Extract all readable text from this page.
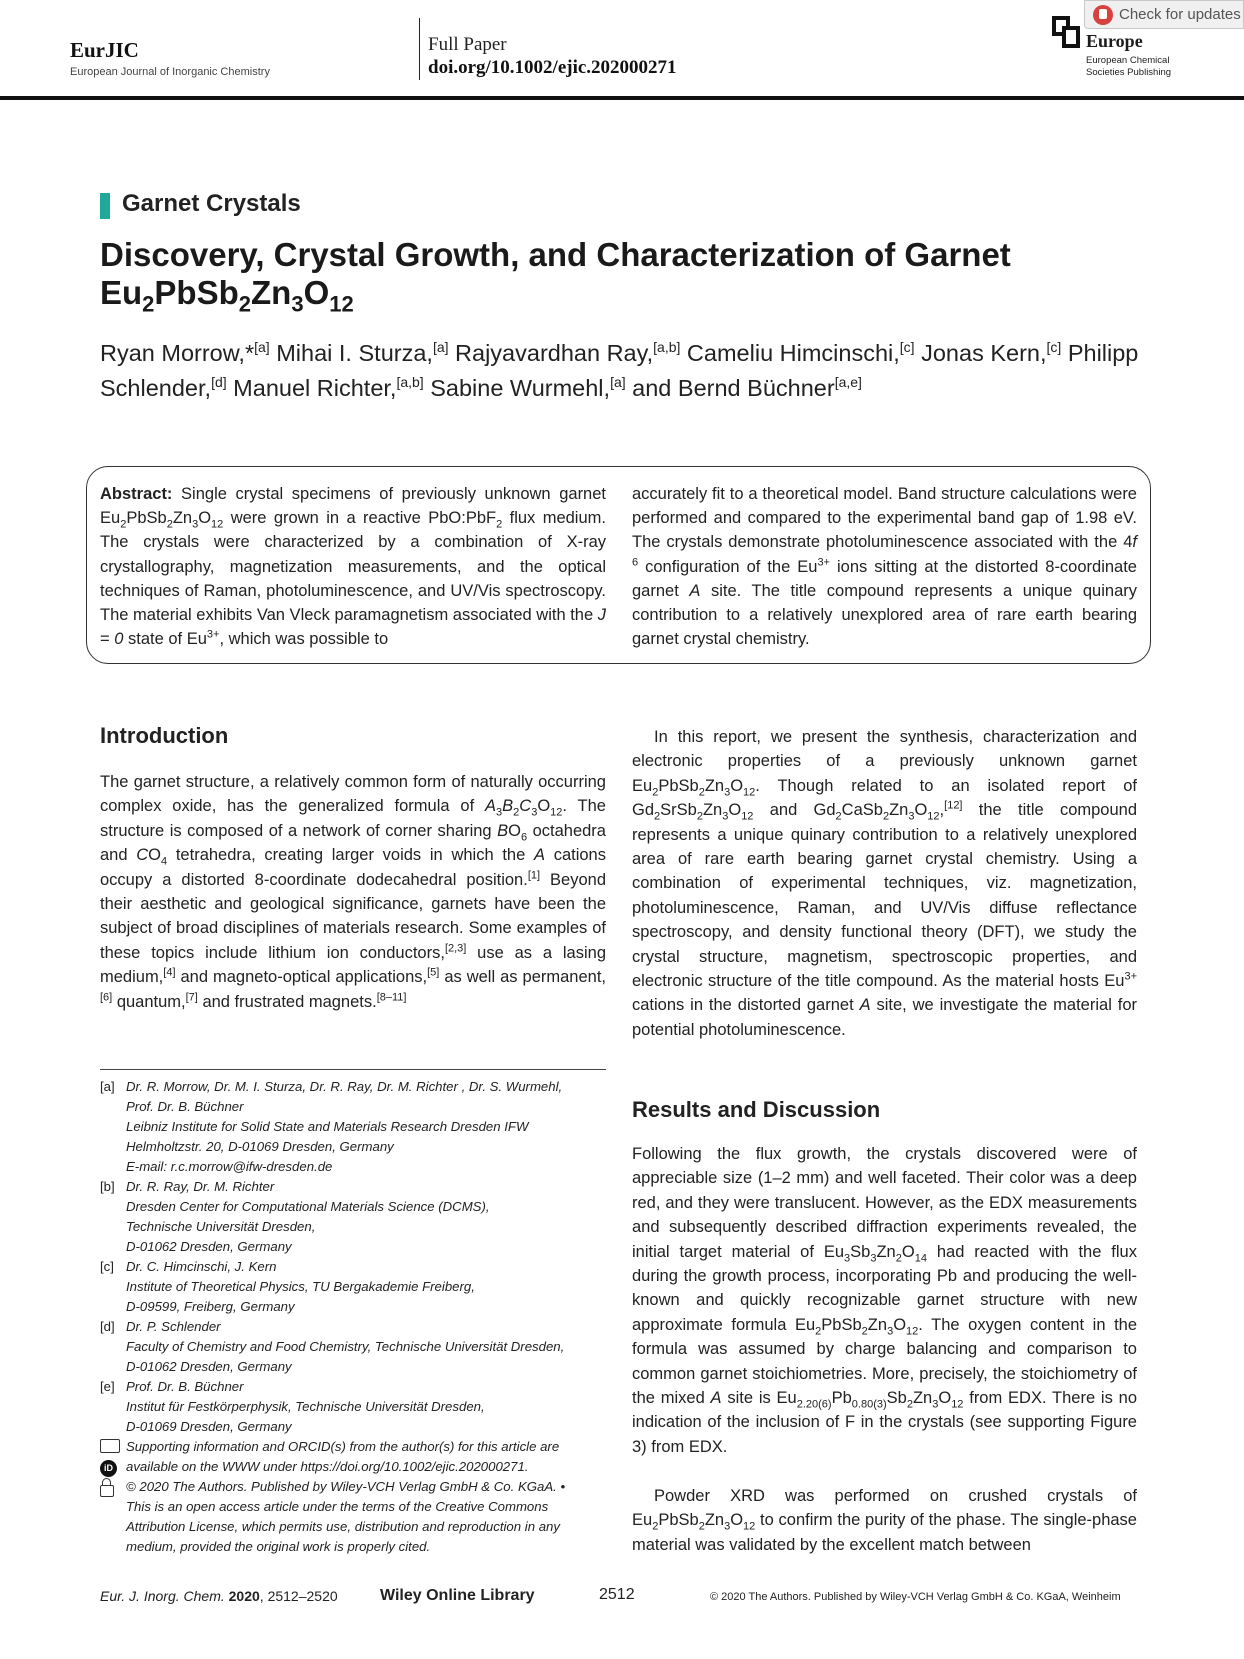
EurJIC
European Journal of Inorganic Chemistry
Full Paper
doi.org/10.1002/ejic.202000271
Europe
European Chemical Societies Publishing
Check for updates
Garnet Crystals
Discovery, Crystal Growth, and Characterization of Garnet
$Eu_2PbSb_2Zn_3O_{12}$
Ryan Morrow,*[a] Mihai I. Sturza,[a] Rajyavardhan Ray,[a,b] Cameliu Himcinschi,[c] Jonas Kern,[c] Philipp Schlender,[d] Manuel Richter,[a,b] Sabine Wurmehl,[a] and Bernd Büchner[a,e]
Abstract: Single crystal specimens of previously unknown garnet $Eu_2PbSb_2Zn_3O_{12}$ were grown in a reactive PbO:PbF$_2$ flux medium. The crystals were characterized by a combination of X-ray crystallography, magnetization measurements, and the optical techniques of Raman, photoluminescence, and UV/Vis spectroscopy. The material exhibits Van Vleck paramagnetism associated with the J = 0 state of $Eu^{3+}$, which was possible to
accurately fit to a theoretical model. Band structure calculations were performed and compared to the experimental band gap of 1.98 eV. The crystals demonstrate photoluminescence associated with the 4f $^6$ configuration of the $Eu^{3+}$ ions sitting at the distorted 8-coordinate garnet A site. The title compound represents a unique quinary contribution to a relatively unexplored area of rare earth bearing garnet crystal chemistry.
Introduction
The garnet structure, a relatively common form of naturally occurring complex oxide, has the generalized formula of $A_3B_2C_3O_{12}$. The structure is composed of a network of corner sharing $BO_6$ octahedra and $CO_4$ tetrahedra, creating larger voids in which the A cations occupy a distorted 8-coordinate dodecahedral position.[1] Beyond their aesthetic and geological significance, garnets have been the subject of broad disciplines of materials research. Some examples of these topics include lithium ion conductors,[2,3] use as a lasing medium,[4] and magneto-optical applications,[5] as well as permanent,[6] quantum,[7] and frustrated magnets.[8–11]
[a] Dr. R. Morrow, Dr. M. I. Sturza, Dr. R. Ray, Dr. M. Richter , Dr. S. Wurmehl,
Prof. Dr. B. Büchner
Leibniz Institute for Solid State and Materials Research Dresden IFW
Helmholtzstr. 20, D-01069 Dresden, Germany
E-mail: r.c.morrow@ifw-dresden.de
[b] Dr. R. Ray, Dr. M. Richter
Dresden Center for Computational Materials Science (DCMS),
Technische Universität Dresden,
D-01062 Dresden, Germany
[c] Dr. C. Himcinschi, J. Kern
Institute of Theoretical Physics, TU Bergakademie Freiberg,
D-09599, Freiberg, Germany
[d] Dr. P. Schlender
Faculty of Chemistry and Food Chemistry, Technische Universität Dresden,
D-01062 Dresden, Germany
[e] Prof. Dr. B. Büchner
Institut für Festkörperphysik, Technische Universität Dresden,
D-01069 Dresden, Germany
Supporting information and ORCID(s) from the author(s) for this article are
iD available on the WWW under https://doi.org/10.1002/ejic.202000271.
© 2020 The Authors. Published by Wiley-VCH Verlag GmbH & Co. KGaA. •
This is an open access article under the terms of the Creative Commons
Attribution License, which permits use, distribution and reproduction in any
medium, provided the original work is properly cited.
In this report, we present the synthesis, characterization and electronic properties of a previously unknown garnet $Eu_2PbSb_2Zn_3O_{12}$. Though related to an isolated report of $Gd_2SrSb_2Zn_3O_{12}$ and $Gd_2CaSb_2Zn_3O_{12},[12]$ the title compound represents a unique quinary contribution to a relatively unexplored area of rare earth bearing garnet crystal chemistry. Using a combination of experimental techniques, viz. magnetization, photoluminescence, Raman, and UV/Vis diffuse reflectance spectroscopy, and density functional theory (DFT), we study the crystal structure, magnetism, spectroscopic properties, and electronic structure of the title compound. As the material hosts $Eu^{3+}$ cations in the distorted garnet A site, we investigate the material for potential photoluminescence.
Results and Discussion
Following the flux growth, the crystals discovered were of appreciable size (1–2 mm) and well faceted. Their color was a deep red, and they were translucent. However, as the EDX measurements and subsequently described diffraction experiments revealed, the initial target material of $Eu_3Sb_3Zn_2O_{14}$ had reacted with the flux during the growth process, incorporating Pb and producing the well-known and quickly recognizable garnet structure with new approximate formula $Eu_2PbSb_2Zn_3O_{12}$. The oxygen content in the formula was assumed by charge balancing and comparison to common garnet stoichiometries. More, precisely, the stoichiometry of the mixed A site is $Eu_{2.20(6)}Pb_{0.80(3)}Sb_2Zn_3O_{12}$ from EDX. There is no indication of the inclusion of F in the crystals (see supporting Figure 3) from EDX.
Powder XRD was performed on crushed crystals of $Eu_2PbSb_2Zn_3O_{12}$ to confirm the purity of the phase. The single-phase material was validated by the excellent match between
Eur. J. Inorg. Chem. 2020, 2512–2520	Wiley Online Library	2512	© 2020 The Authors. Published by Wiley-VCH Verlag GmbH & Co. KGaA, Weinheim
